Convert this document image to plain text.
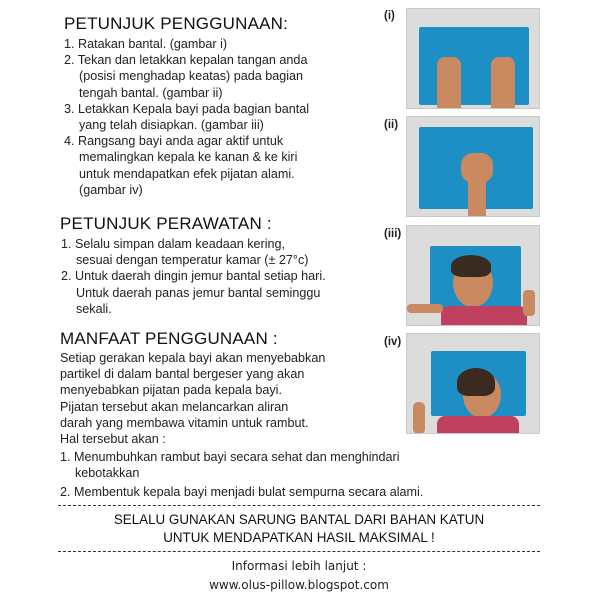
PETUNJUK PENGGUNAAN:
1. Ratakan bantal. (gambar i)
2. Tekan dan letakkan kepalan tangan anda
(posisi menghadap keatas) pada bagian
tengah bantal. (gambar ii)
3. Letakkan Kepala bayi pada bagian bantal
yang telah disiapkan. (gambar iii)
4. Rangsang bayi anda agar aktif untuk
memalingkan kepala ke kanan & ke kiri
untuk mendapatkan efek pijatan alami.
(gambar iv)
PETUNJUK PERAWATAN :
1. Selalu simpan dalam keadaan kering,
sesuai dengan temperatur kamar (± 27°c)
2. Untuk daerah dingin jemur bantal setiap hari.
Untuk daerah panas jemur bantal seminggu
sekali.
MANFAAT PENGGUNAAN :
Setiap gerakan kepala bayi akan menyebabkan
partikel di dalam bantal bergeser yang akan
menyebabkan pijatan pada kepala bayi.
Pijatan tersebut akan melancarkan aliran
darah yang membawa vitamin untuk rambut.
Hal tersebut akan :
1. Menumbuhkan rambut bayi secara sehat dan menghindari
kebotakkan
2. Membentuk kepala bayi menjadi bulat sempurna secara alami.
SELALU GUNAKAN SARUNG BANTAL DARI BAHAN KATUN
UNTUK MENDAPATKAN HASIL MAKSIMAL !
Informasi lebih lanjut :
www.olus-pillow.blogspot.com
(i)
(ii)
(iii)
(iv)
